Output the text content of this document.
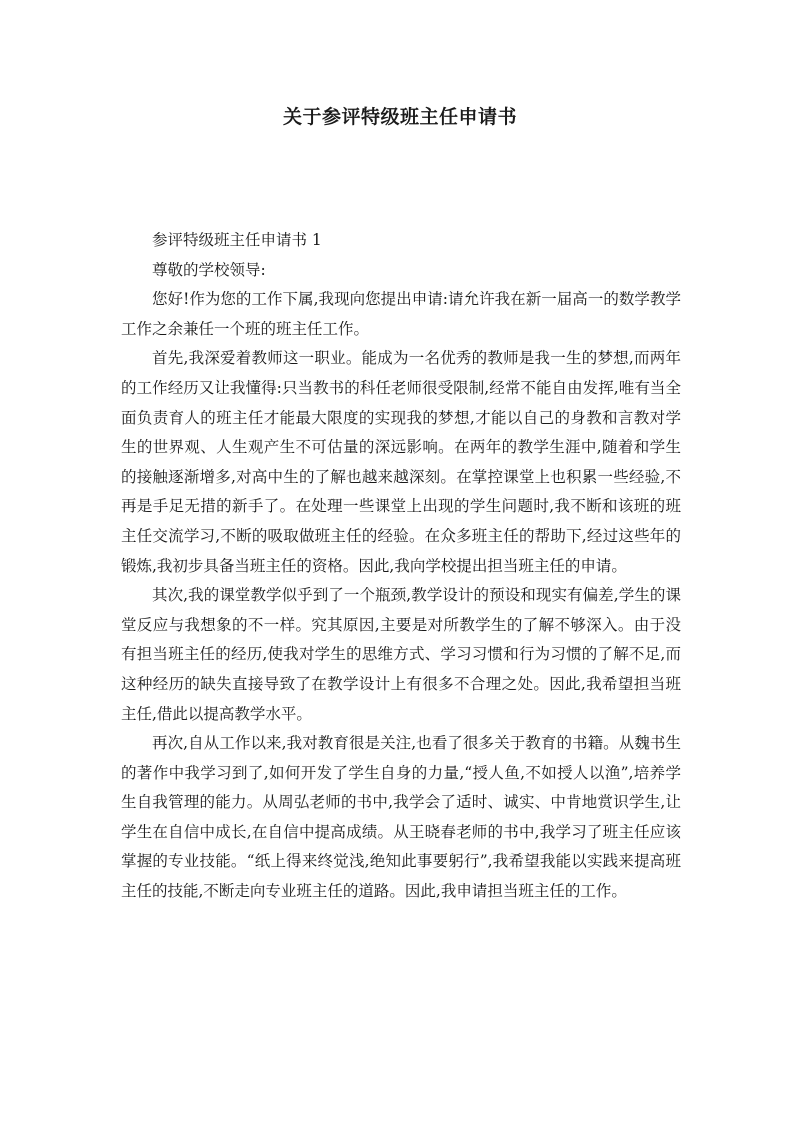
关于参评特级班主任申请书

参评特级班主任申请书 1

尊敬的学校领导:

您好!作为您的工作下属,我现向您提出申请:请允许我在新一届高一的数学教学工作之余兼任一个班的班主任工作。

首先,我深爱着教师这一职业。能成为一名优秀的教师是我一生的梦想,而两年的工作经历又让我懂得:只当教书的科任老师很受限制,经常不能自由发挥,唯有当全面负责育人的班主任才能最大限度的实现我的梦想,才能以自己的身教和言教对学生的世界观、人生观产生不可估量的深远影响。在两年的教学生涯中,随着和学生的接触逐渐增多,对高中生的了解也越来越深刻。在掌控课堂上也积累一些经验,不再是手足无措的新手了。在处理一些课堂上出现的学生问题时,我不断和该班的班主任交流学习,不断的吸取做班主任的经验。在众多班主任的帮助下,经过这些年的锻炼,我初步具备当班主任的资格。因此,我向学校提出担当班主任的申请。

其次,我的课堂教学似乎到了一个瓶颈,教学设计的预设和现实有偏差,学生的课堂反应与我想象的不一样。究其原因,主要是对所教学生的了解不够深入。由于没有担当班主任的经历,使我对学生的思维方式、学习习惯和行为习惯的了解不足,而这种经历的缺失直接导致了在教学设计上有很多不合理之处。因此,我希望担当班主任,借此以提高教学水平。

再次,自从工作以来,我对教育很是关注,也看了很多关于教育的书籍。从魏书生的著作中我学习到了,如何开发了学生自身的力量,“授人鱼,不如授人以渔”,培养学生自我管理的能力。从周弘老师的书中,我学会了适时、诚实、中肯地赏识学生,让学生在自信中成长,在自信中提高成绩。从王晓春老师的书中,我学习了班主任应该掌握的专业技能。“纸上得来终觉浅,绝知此事要躬行”,我希望我能以实践来提高班主任的技能,不断走向专业班主任的道路。因此,我申请担当班主任的工作。
